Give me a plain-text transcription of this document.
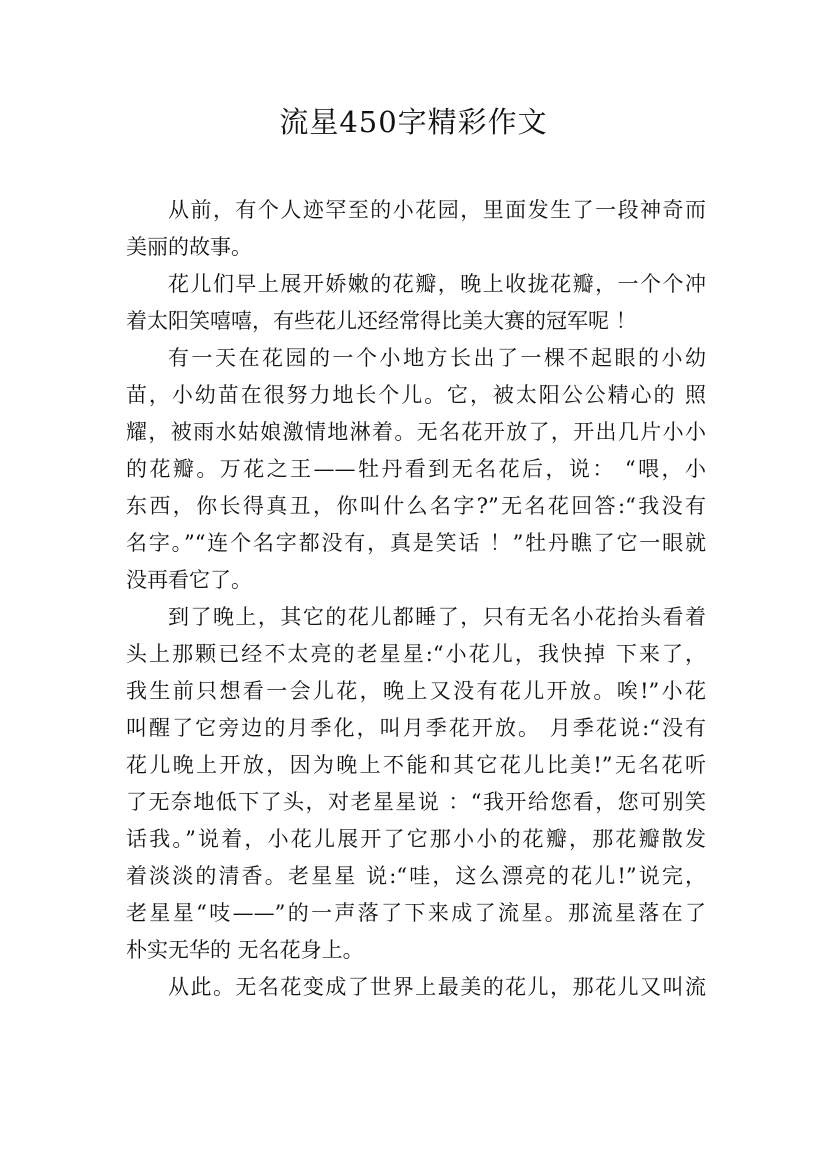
流星450字精彩作文
从前，有个人迹罕至的小花园，里面发生了一段神奇而
美丽的故事。
花儿们早上展开娇嫩的花瓣，晚上收拢花瓣，一个个冲
着太阳笑嘻嘻，有些花儿还经常得比美大赛的冠军呢 ！
有一天在花园的一个小地方长出了一棵不起眼的小幼
苗，小幼苗在很努力地长个儿。它，被太阳公公精心的 照
耀，被雨水姑娘激情地淋着。无名花开放了，开出几片小小
的花瓣。万花之王——牡丹看到无名花后，说： “喂，小
东西，你长得真丑，你叫什么名字?”无名花回答:“我没有
名字。”“连个名字都没有，真是笑话 ！”牡丹瞧了它一眼就
没再看它了。
到了晚上，其它的花儿都睡了，只有无名小花抬头看着
头上那颗已经不太亮的老星星:“小花儿，我快掉 下来了，
我生前只想看一会儿花，晚上又没有花儿开放。唉!”小花
叫醒了它旁边的月季化，叫月季花开放。 月季花说:“没有
花儿晚上开放，因为晚上不能和其它花儿比美!”无名花听
了无奈地低下了头，对老星星说 ：“我开给您看，您可别笑
话我。”说着，小花儿展开了它那小小的花瓣，那花瓣散发
着淡淡的清香。老星星 说:“哇，这么漂亮的花儿!”说完，
老星星“吱——”的一声落了下来成了流星。那流星落在了
朴实无华的 无名花身上。
从此。无名花变成了世界上最美的花儿，那花儿又叫流
